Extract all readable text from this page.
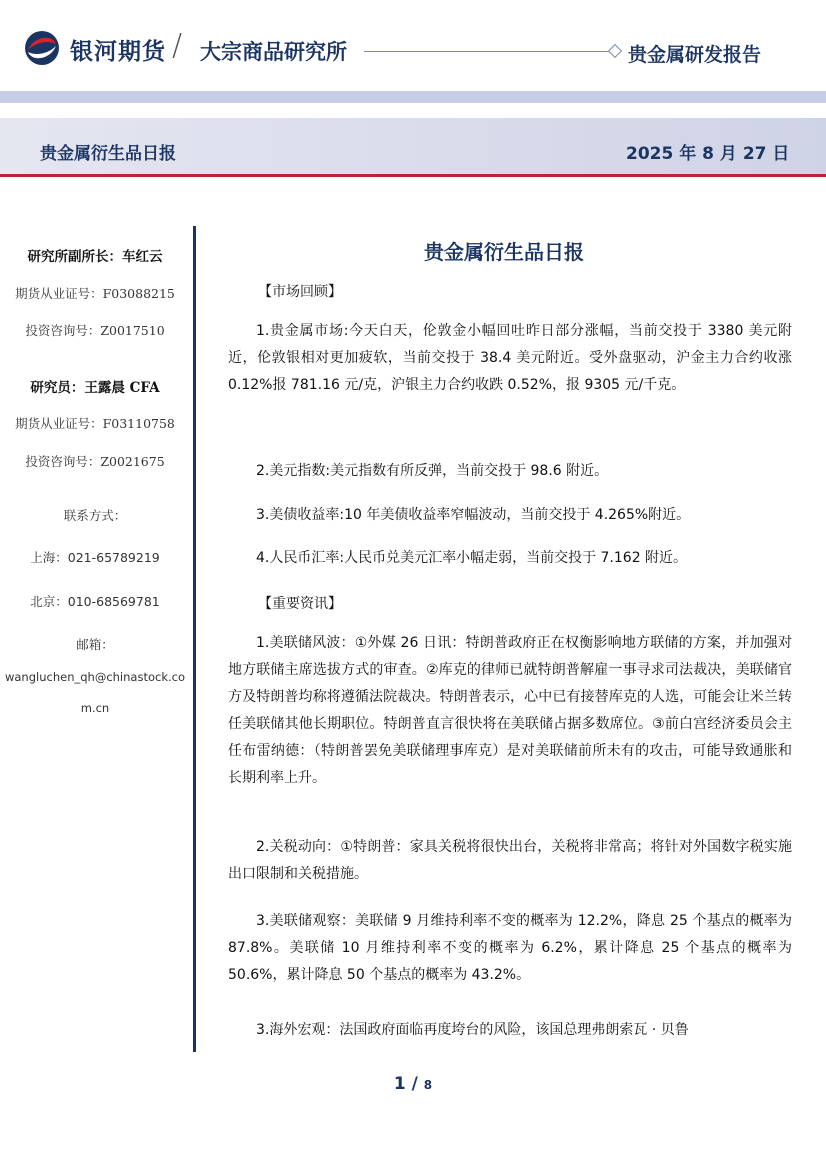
银河期货 / 大宗商品研究所	贵金属研发报告
贵金属衍生品日报	2025 年 8 月 27 日
研究所副所长：车红云
期货从业证号：F03088215
投资咨询号：Z0017510
研究员：王露晨 CFA
期货从业证号：F03110758
投资咨询号：Z0021675
联系方式：
上海：021-65789219
北京：010-68569781
邮箱：
wangluchen_qh@chinastock.co
m.cn
贵金属衍生品日报
【市场回顾】
1.贵金属市场:今天白天，伦敦金小幅回吐昨日部分涨幅，当前交投于 3380 美元附近，伦敦银相对更加疲软，当前交投于 38.4 美元附近。受外盘驱动，沪金主力合约收涨 0.12%报 781.16 元/克，沪银主力合约收跌 0.52%，报 9305 元/千克。
2.美元指数:美元指数有所反弹，当前交投于 98.6 附近。
3.美债收益率:10 年美债收益率窄幅波动，当前交投于 4.265%附近。
4.人民币汇率:人民币兑美元汇率小幅走弱，当前交投于 7.162 附近。
【重要资讯】
1.美联储风波：①外媒 26 日讯：特朗普政府正在权衡影响地方联储的方案，并加强对地方联储主席选拔方式的审查。②库克的律师已就特朗普解雇一事寻求司法裁决，美联储官方及特朗普均称将遵循法院裁决。特朗普表示，心中已有接替库克的人选，可能会让米兰转任美联储其他长期职位。特朗普直言很快将在美联储占据多数席位。③前白宫经济委员会主任布雷纳德：（特朗普罢免美联储理事库克）是对美联储前所未有的攻击，可能导致通胀和长期利率上升。
2.关税动向：①特朗普：家具关税将很快出台，关税将非常高；将针对外国数字税实施出口限制和关税措施。
3.美联储观察：美联储 9 月维持利率不变的概率为 12.2%，降息 25 个基点的概率为 87.8%。美联储 10 月维持利率不变的概率为 6.2%，累计降息 25 个基点的概率为 50.6%，累计降息 50 个基点的概率为 43.2%。
3.海外宏观：法国政府面临再度垮台的风险，该国总理弗朗索瓦 · 贝鲁
1 / 8
